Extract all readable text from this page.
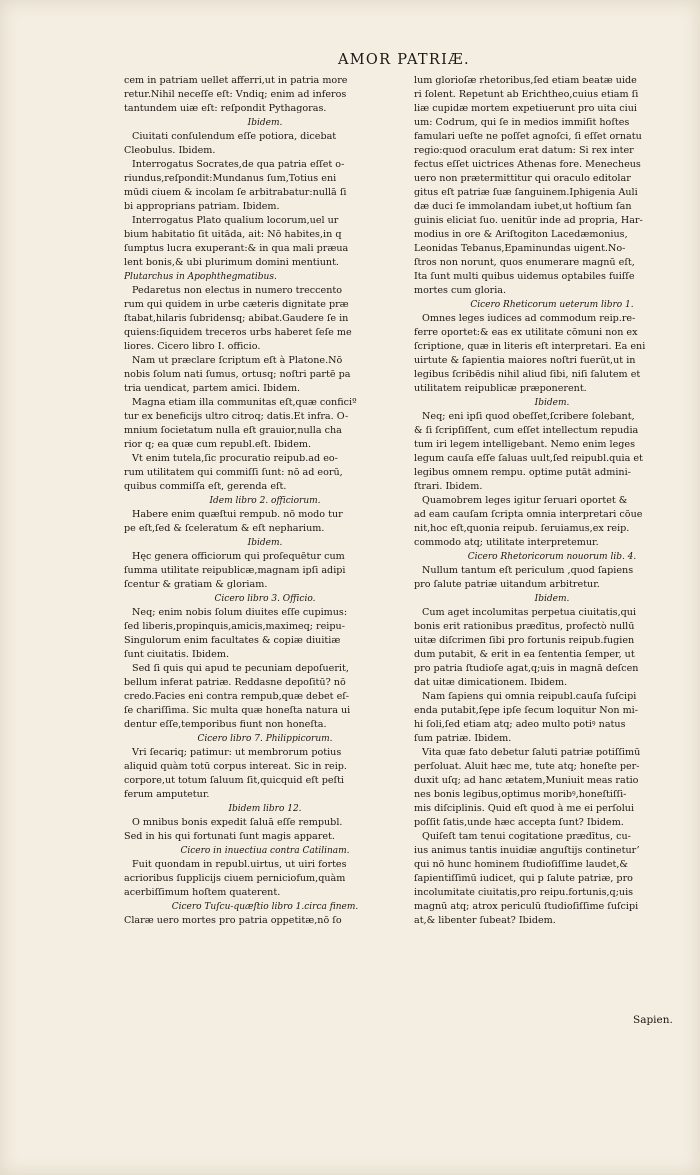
AMOR PATRIÆ.
cem in patriam uellet afferri,ut in patria more
retur.Nihil neceſſe eſt: Vndiq; enim ad inferos
tantundem uiæ eſt: reſpondit Pythagoras.
Ibidem.
Ciuitati conſulendum eſſe potiora, dicebat
Cleobulus. Ibidem.
Interrogatus Socrates,de qua patria eſſet o-
riundus,reſpondit:Mundanus ſum,Totius eni
mūdi ciuem & incolam ſe arbitrabatur:nullā ſi
bi approprians patriam. Ibidem.
Interrogatus Plato qualium locorum,uel ur
bium habitatio ſit uitāda, ait: Nō habites,in q
ſumptus lucra exuperant:& in qua mali præua
lent bonis,& ubi plurimum domini mentiunt.
Plutarchus in Apophthegmatibus.
Pedaretus non electus in numero treccento
rum qui quidem in urbe cæteris dignitate præ
ſtabat,hilaris ſubridensq; abibat.Gaudere ſe in
quiens:ſiquidem treceтos urbs haberet ſeſe me
liores. Cicero libro I. officio.
Nam ut præclare ſcriptum eſt à Platone.Nō
nobis ſolum nati ſumus, ortusq; noſtri partē pa
tria uendicat, partem amici. Ibidem.
Magna etiam illa communitas eſt,quæ conficiº
tur ex beneficijs ultro citroq; datis.Et infra. O-
mnium ſocietatum nulla eſt grauior,nulla cha
rior q; ea quæ cum republ.eſt. Ibidem.
Vt enim tutela,ſic procuratio reipub.ad eo-
rum utilitatem qui commiſſi ſunt: nō ad eorū,
quibus commiſſa eſt, gerenda eſt.
Idem libro 2. officiorum.
Habere enim quæſtui rempub. nō modo tur
pe eſt,ſed & ſceleratum & eſt nepharium.
Ibidem.
Hęc genera officiorum qui proſequētur cum
ſumma utilitate reipublicæ,magnam ipſi adipi
ſcentur & gratiam & gloriam.
Cicero libro 3. Officio.
Neq; enim nobis ſolum diuites eſſe cupimus:
ſed liberis,propinquis,amicis,maximeq; reipu-
Singulorum enim facultates & copiæ diuitiæ
ſunt ciuitatis. Ibidem.
Sed ſi quis qui apud te pecuniam depoſuerit,
bellum inferat patriæ. Reddasne depoſitū? nō
credo.Facies eni contra rempub,quæ debet eſ-
ſe chariſſima. Sic multa quæ honeſta natura ui
dentur eſſe,temporibus fiunt non honeſta.
Cicero libro 7. Philippicorum.
Vri ſecariq; patimur: ut membrorum potius
aliquid quàm totū corpus intereat. Sic in reip.
corpore,ut totum ſaluum ſit,quicquid eſt peſti
ferum amputetur.
Ibidem libro 12.
O mnibus bonis expedit ſaluā eſſe rempubl.
Sed in his qui fortunati ſunt magis apparet.
Cicero in inuectiua contra Catilinam.
Fuit quondam in republ.uirtus, ut uiri fortes
acrioribus ſupplicijs ciuem perniciofum,quàm
acerbiſſimum hoſtem quaterent.
Cicero Tuſcu-quæſtio libro 1.circa finem.
Claræ uero mortes pro patria oppetitæ,nō ſo
lum glorioſæ rhetoribus,ſed etiam beatæ uide
ri ſolent. Repetunt ab Erichtheo,cuius etiam ſi
liæ cupidæ mortem expetiuerunt pro uita ciui
um: Codrum, qui ſe in medios immiſit hoſtes
famulari ueſte ne poſſet agnoſci, ſi eſſet ornatu
regio:quod oraculum erat datum: Si rex inter
fectus eſſet uictrices Athenas fore. Menecheus
uero non prætermittitur qui oraculo editolar
gitus eſt patriæ ſuæ ſanguinem.Iphigenia Auli
dæ duci ſe immolandam iubet,ut hoſtium ſan
guinis eliciat ſuo. uenitūr inde ad propria, Har-
modius in ore & Ariſtogiton Lacedæmonius,
Leonidas Tebanus,Epaminundas uigent.No-
ſtros non norunt, quos enumerare magnū eſt,
Ita ſunt multi quibus uidemus optabiles fuiſſe
mortes cum gloria.
Cicero Rheticorum ueterum libro 1.
Omnes leges iudices ad commodum reip.re-
ferre oportet:& eas ex utilitate cōmuni non ex
ſcriptione, quæ in literis eſt interpretari. Ea eni
uirtute & ſapientia maiores noſtri fuerūt,ut in
legibus ſcribēdis nihil aliud ſibi, niſi ſalutem et
utilitatem reipublicæ præponerent.
Ibidem.
Neq; eni ipſi quod obeſſet,ſcribere ſolebant,
& ſi ſcripſiſſent, cum eſſet intellectum repudia
tum iri legem intelligebant. Nemo enim leges
legum cauſa eſſe ſaluas uult,ſed reipubl.quia et
legibus omnem rempu. optime putāt admini-
ſtrari. Ibidem.
Quamobrem leges igitur ſeruari oportet &
ad eam cauſam ſcripta omnia interpretari cōue
nit,hoc eſt,quonia reipub. ſeruiamus,ex reip.
commodo atq; utilitate interpretemur.
Cicero Rhetoricorum nouorum lib. 4.
Nullum tantum eſt periculum ,quod ſapiens
pro ſalute patriæ uitandum arbitretur.
Ibidem.
Cum aget incolumitas perpetua ciuitatis,qui
bonis erit rationibus prædītus, profectò nullū
uitæ diſcrimen ſibi pro fortunis reipub.fugien
dum putabit, & erit in ea ſententia ſemper, ut
pro patria ſtudioſe agat,q;uis in magnā deſcen
dat uitæ dimicationem. Ibidem.
Nam ſapiens qui omnia reipubl.cauſa ſuſcipi
enda putabit,ſępe ipſe ſecum loquitur Non mi-
hi ſoli,ſed etiam atq; adeo multo potiꝰ natus
ſum patriæ. Ibidem.
Vita quæ fato debetur ſaluti patriæ potiſſimū
perſoluat. Aluit hæc me, tute atq; honeſte per-
duxit uſq; ad hanc ætatem,Muniuit meas ratio
nes bonis legibus,optimus moribꝰ,honeſtiſſi-
mis diſciplinis. Quid eſt quod à me ei perſolui
poſſit ſatis,unde hæc accepta ſunt? Ibidem.
Quiſeſt tam tenui cogitatione prædītus, cu-
ius animus tantis inuidiæ anguſtijs contineturʼ
qui nō hunc hominem ſtudioſiſſime laudet,&
ſapientiſſimū iudicet, qui p ſalute patriæ, pro
incolumitate ciuitatis,pro reipu.fortunis,q;uis
magnū atq; atrox periculū ſtudioſiſſime ſuſcipi
at,& libenter ſubeat? Ibidem.
Sapien.
